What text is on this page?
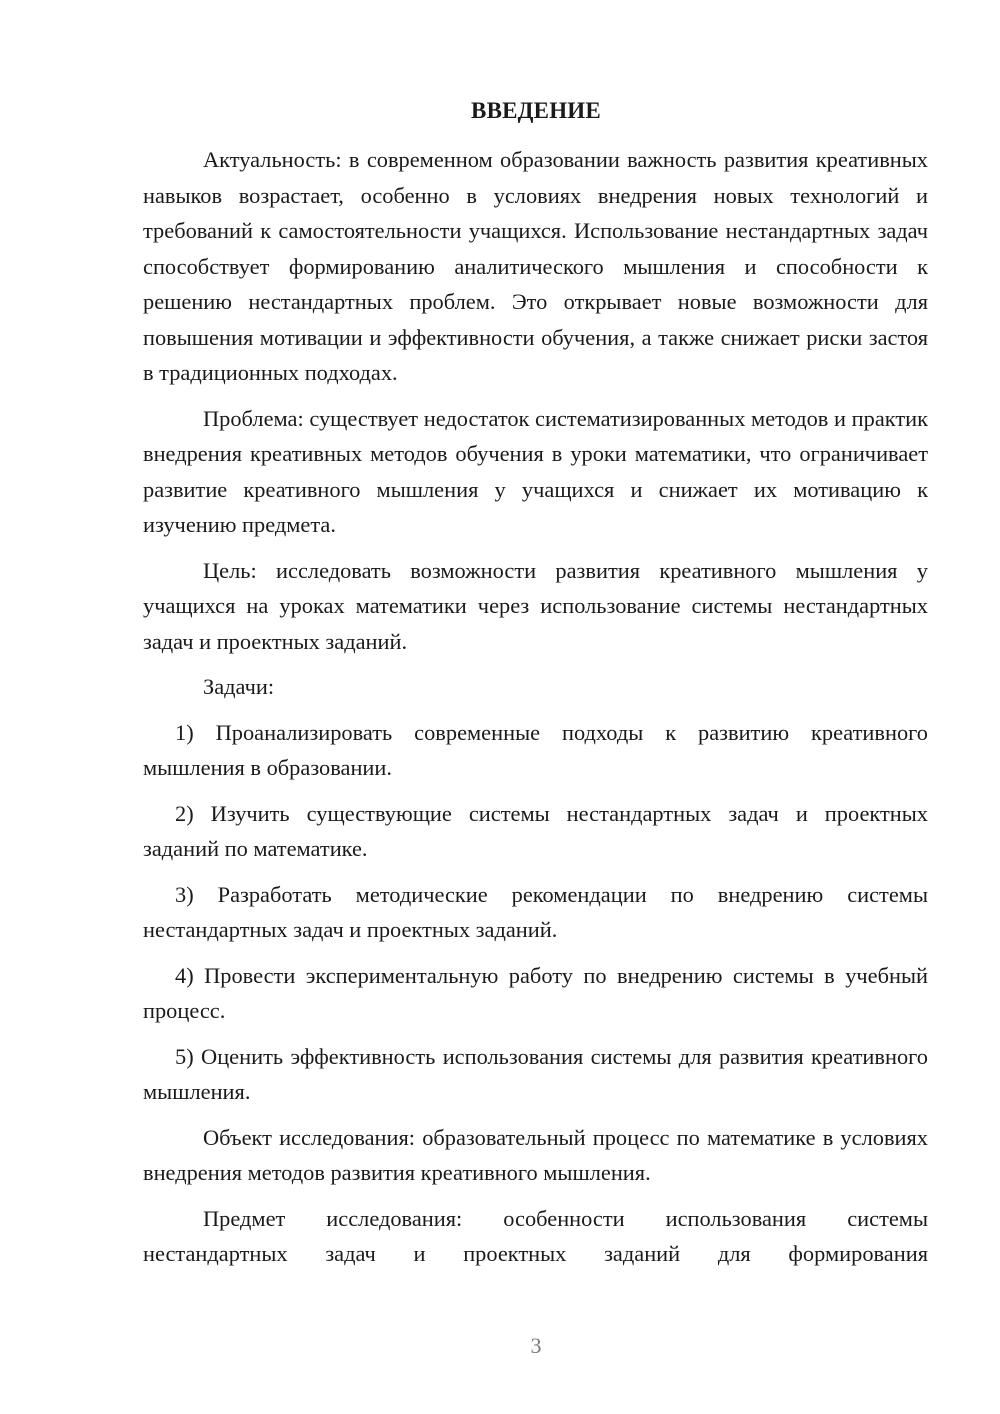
ВВЕДЕНИЕ

Актуальность: в современном образовании важность развития креативных навыков возрастает, особенно в условиях внедрения новых технологий и требований к самостоятельности учащихся. Использование нестандартных задач способствует формированию аналитического мышления и способности к решению нестандартных проблем. Это открывает новые возможности для повышения мотивации и эффективности обучения, а также снижает риски застоя в традиционных подходах.

Проблема: существует недостаток систематизированных методов и практик внедрения креативных методов обучения в уроки математики, что ограничивает развитие креативного мышления у учащихся и снижает их мотивацию к изучению предмета.

Цель: исследовать возможности развития креативного мышления у учащихся на уроках математики через использование системы нестандартных задач и проектных заданий.

Задачи:

1) Проанализировать современные подходы к развитию креативного мышления в образовании.

2) Изучить существующие системы нестандартных задач и проектных заданий по математике.

3) Разработать методические рекомендации по внедрению системы нестандартных задач и проектных заданий.

4) Провести экспериментальную работу по внедрению системы в учебный процесс.

5) Оценить эффективность использования системы для развития креативного мышления.

Объект исследования: образовательный процесс по математике в условиях внедрения методов развития креативного мышления.

Предмет исследования: особенности использования системы нестандартных задач и проектных заданий для формирования

3
